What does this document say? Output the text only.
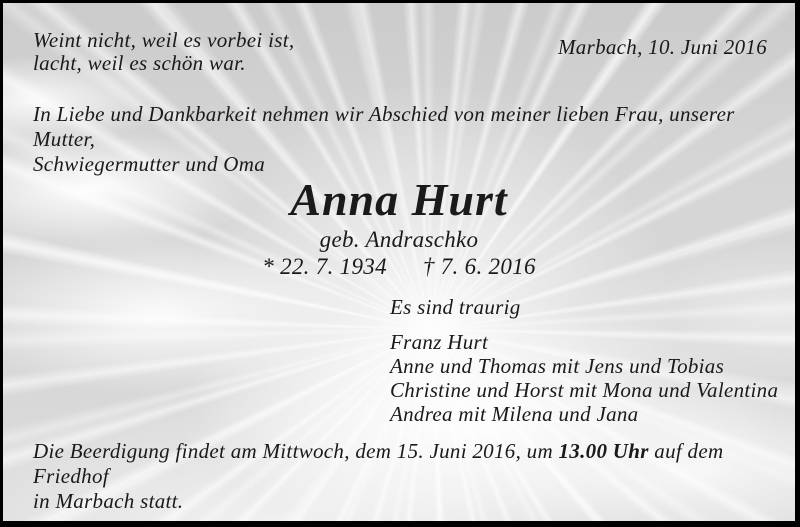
Weint nicht, weil es vorbei ist,
lacht, weil es schön war.
Marbach, 10. Juni 2016
In Liebe und Dankbarkeit nehmen wir Abschied von meiner lieben Frau, unserer Mutter,
Schwiegermutter und Oma
Anna Hurt
geb. Andraschko
* 22. 7. 1934 † 7. 6. 2016
Es sind traurig
Franz Hurt
Anne und Thomas mit Jens und Tobias
Christine und Horst mit Mona und Valentina
Andrea mit Milena und Jana
Die Beerdigung findet am Mittwoch, dem 15. Juni 2016, um 13.00 Uhr auf dem Friedhof
in Marbach statt.
